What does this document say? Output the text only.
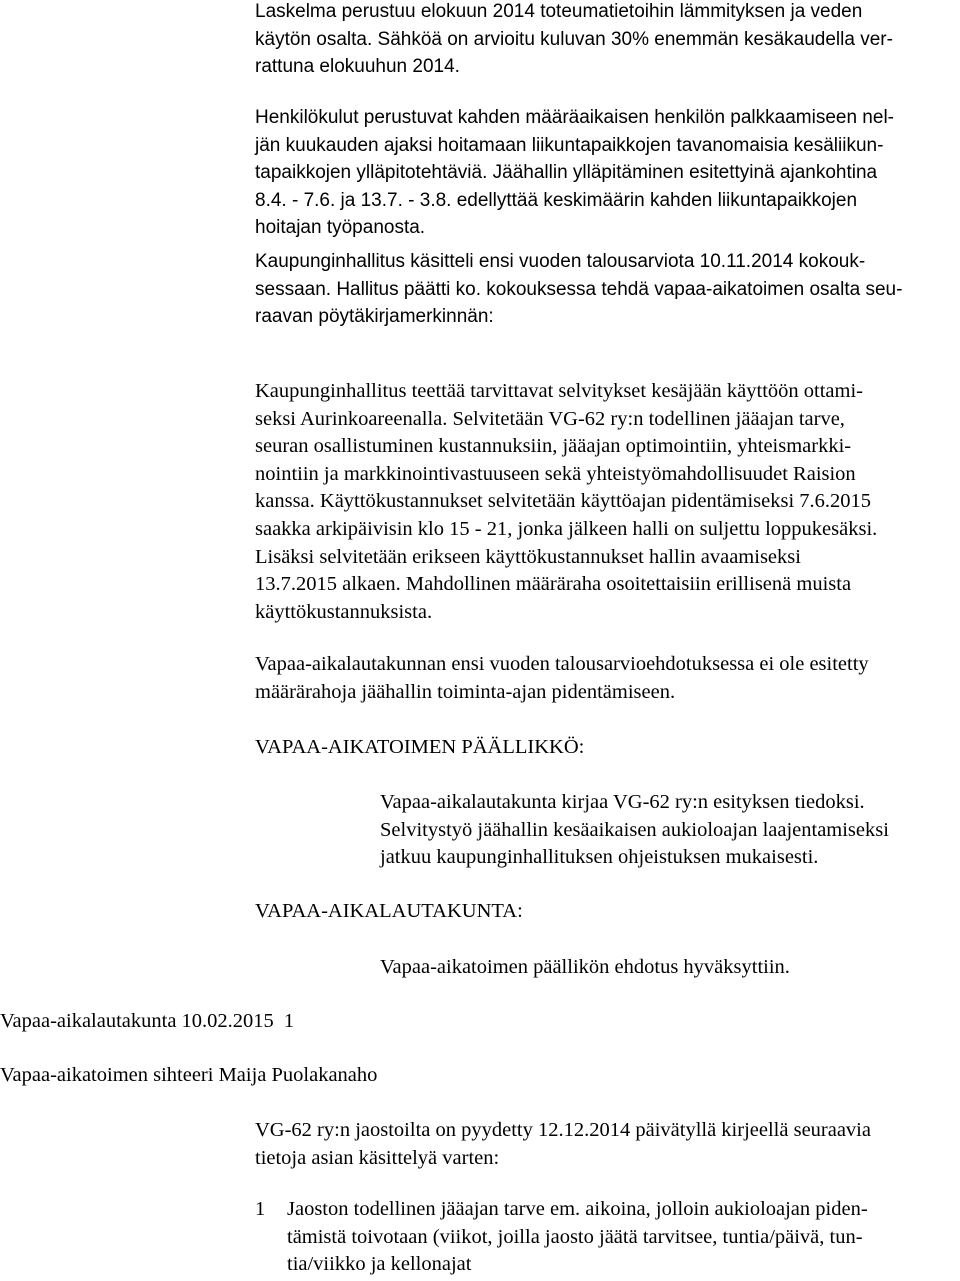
Laskelma perustuu elokuun 2014 toteumatietoihin lämmityksen ja veden
käytön osalta. Sähköä on arvioitu kuluvan 30% enemmän kesäkaudella ver-
rattuna elokuuhun 2014.
Henkilökulut perustuvat kahden määräaikaisen henkilön palkkaamiseen nel-
jän kuukauden ajaksi hoitamaan liikuntapaikkojen tavanomaisia kesäliikun-
tapaikkojen ylläpitotehtäviä. Jäähallin ylläpitäminen esitettyinä ajankohtina
8.4. - 7.6. ja 13.7. - 3.8. edellyttää keskimäärin kahden liikuntapaikkojen
hoitajan työpanosta.
Kaupunginhallitus käsitteli ensi vuoden talousarviota 10.11.2014 kokouk-
sessaan. Hallitus päätti ko. kokouksessa tehdä vapaa-aikatoimen osalta seu-
raavan pöytäkirjamerkinnän:
Kaupunginhallitus teettää tarvittavat selvitykset kesäjään käyttöön ottami-
seksi Aurinkoareenalla. Selvitetään VG-62 ry:n todellinen jääajan tarve,
seuran osallistuminen kustannuksiin, jääajan optimointiin, yhteismarkki-
nointiin ja markkinointivastuuseen sekä yhteistyömahdollisuudet Raision
kanssa. Käyttökustannukset selvitetään käyttöajan pidentämiseksi 7.6.2015
saakka arkipäivisin klo 15 - 21, jonka jälkeen halli on suljettu loppukesäksi.
Lisäksi selvitetään erikseen käyttökustannukset hallin avaamiseksi
13.7.2015 alkaen. Mahdollinen määräraha osoitettaisiin erillisenä muista
käyttökustannuksista.
Vapaa-aikalautakunnan ensi vuoden talousarvioehdotuksessa ei ole esitetty
määrärahoja jäähallin toiminta-ajan pidentämiseen.
VAPAA-AIKATOIMEN PÄÄLLIKKÖ:
Vapaa-aikalautakunta kirjaa VG-62 ry:n esityksen tiedoksi.
Selvitystyö jäähallin kesäaikaisen aukioloajan laajentamiseksi
jatkuu kaupunginhallituksen ohjeistuksen mukaisesti.
VAPAA-AIKALAUTAKUNTA:
Vapaa-aikatoimen päällikön ehdotus hyväksyttiin.
Vapaa-aikalautakunta 10.02.2015 1
Vapaa-aikatoimen sihteeri Maija Puolakanaho
VG-62 ry:n jaostoilta on pyydetty 12.12.2014 päivätyllä kirjeellä seuraavia
tietoja asian käsittelyä varten:
1 Jaoston todellinen jääajan tarve em. aikoina, jolloin aukioloajan piden-
tämistä toivotaan (viikot, joilla jaosto jäätä tarvitsee, tuntia/päivä, tun-
tia/viikko ja kellonajat
